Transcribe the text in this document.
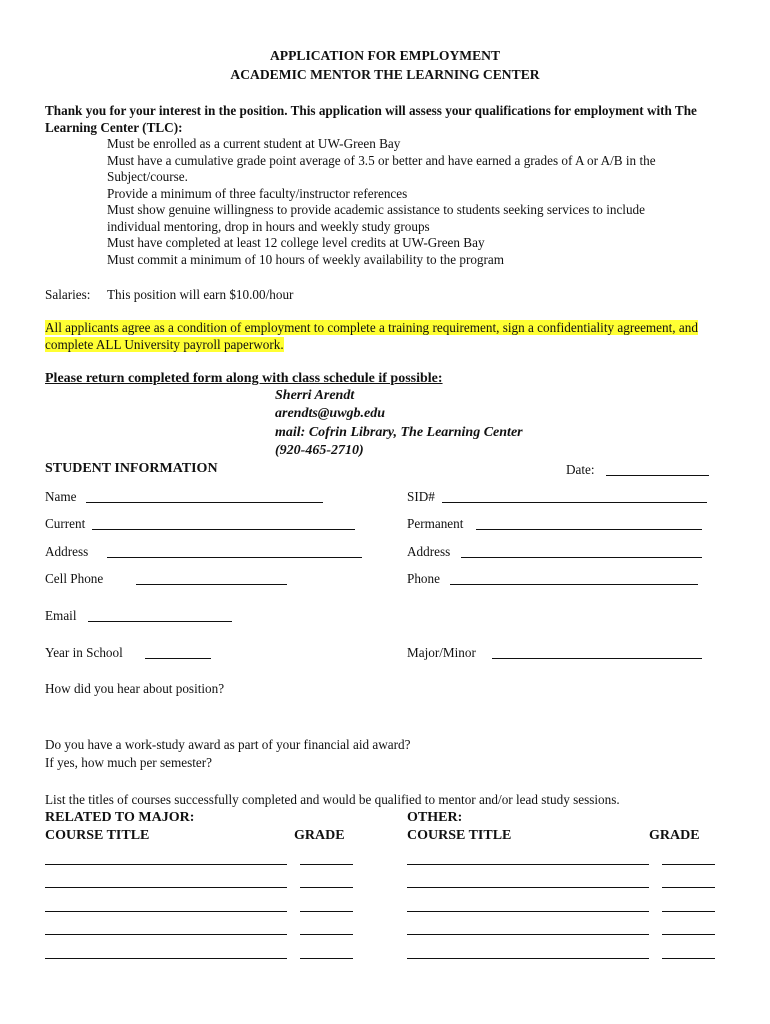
APPLICATION FOR EMPLOYMENT
ACADEMIC MENTOR THE LEARNING CENTER
Thank you for your interest in the position. This application will assess your qualifications for employment with The
Learning Center (TLC):
Must be enrolled as a current student at UW-Green Bay
Must have a cumulative grade point average of 3.5 or better and have earned a grades of A or A/B in the
Subject/course.
Provide a minimum of three faculty/instructor references
Must show genuine willingness to provide academic assistance to students seeking services to include
individual mentoring, drop in hours and weekly study groups
Must have completed at least 12 college level credits at UW-Green Bay
Must commit a minimum of 10 hours of weekly availability to the program
Salaries: This position will earn $10.00/hour
All applicants agree as a condition of employment to complete a training requirement, sign a confidentiality agreement, and
complete ALL University payroll paperwork.
Please return completed form along with class schedule if possible:
Sherri Arendt
arendts@uwgb.edu
mail: Cofrin Library, The Learning Center
(920-465-2710)
STUDENT INFORMATION	Date:
Name	SID#
Current	Permanent
Address	Address
Cell Phone	Phone
Email
Year in School	Major/Minor
How did you hear about position?
Do you have a work-study award as part of your financial aid award?
If yes, how much per semester?
List the titles of courses successfully completed and would be qualified to mentor and/or lead study sessions.
RELATED TO MAJOR:	OTHER:
COURSE TITLE	GRADE	COURSE TITLE	GRADE
